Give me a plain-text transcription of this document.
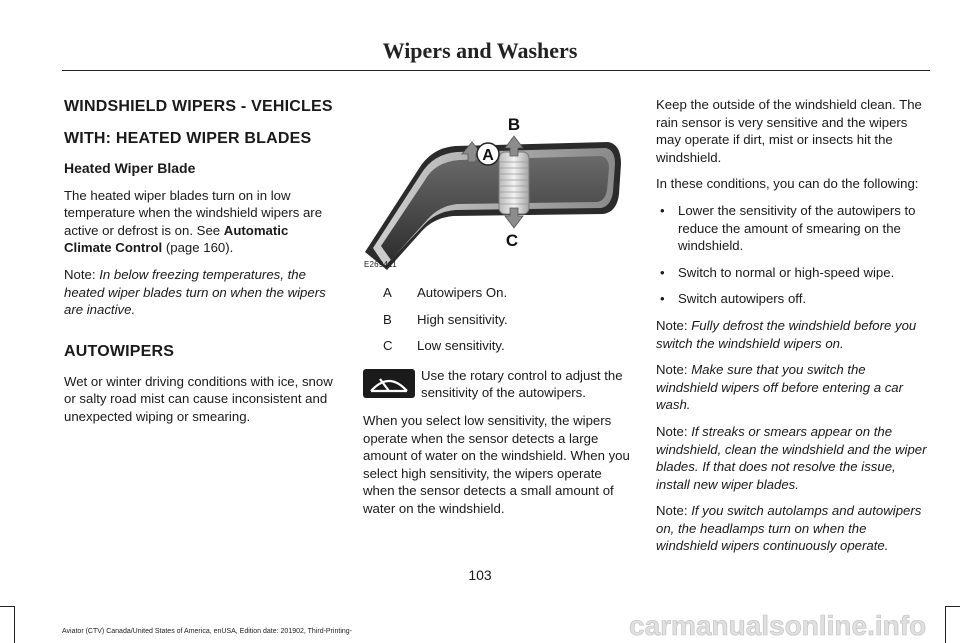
Wipers and Washers
WINDSHIELD WIPERS - VEHICLES
WITH: HEATED WIPER BLADES
Heated Wiper Blade

The heated wiper blades turn on in low temperature when the windshield wipers are active or defrost is on. See Automatic Climate Control (page 160).

Note: In below freezing temperatures, the heated wiper blades turn on when the wipers are inactive.

AUTOWIPERS

Wet or winter driving conditions with ice, snow or salty road mist can cause inconsistent and unexpected wiping or smearing.

A
B
C
E269411
A	Autowipers On.
B	High sensitivity.
C	Low sensitivity.
Use the rotary control to adjust the sensitivity of the autowipers.

When you select low sensitivity, the wipers operate when the sensor detects a large amount of water on the windshield. When you select high sensitivity, the wipers operate when the sensor detects a small amount of water on the windshield.

Keep the outside of the windshield clean. The rain sensor is very sensitive and the wipers may operate if dirt, mist or insects hit the windshield.

In these conditions, you can do the following:

• Lower the sensitivity of the autowipers to reduce the amount of smearing on the windshield.
• Switch to normal or high-speed wipe.
• Switch autowipers off.

Note: Fully defrost the windshield before you switch the windshield wipers on.

Note: Make sure that you switch the windshield wipers off before entering a car wash.

Note: If streaks or smears appear on the windshield, clean the windshield and the wiper blades. If that does not resolve the issue, install new wiper blades.

Note: If you switch autolamps and autowipers on, the headlamps turn on when the windshield wipers continuously operate.

103
Aviator (CTV) Canada/United States of America, enUSA, Edition date: 201902, Third-Printing-	carmanualsonline.info
